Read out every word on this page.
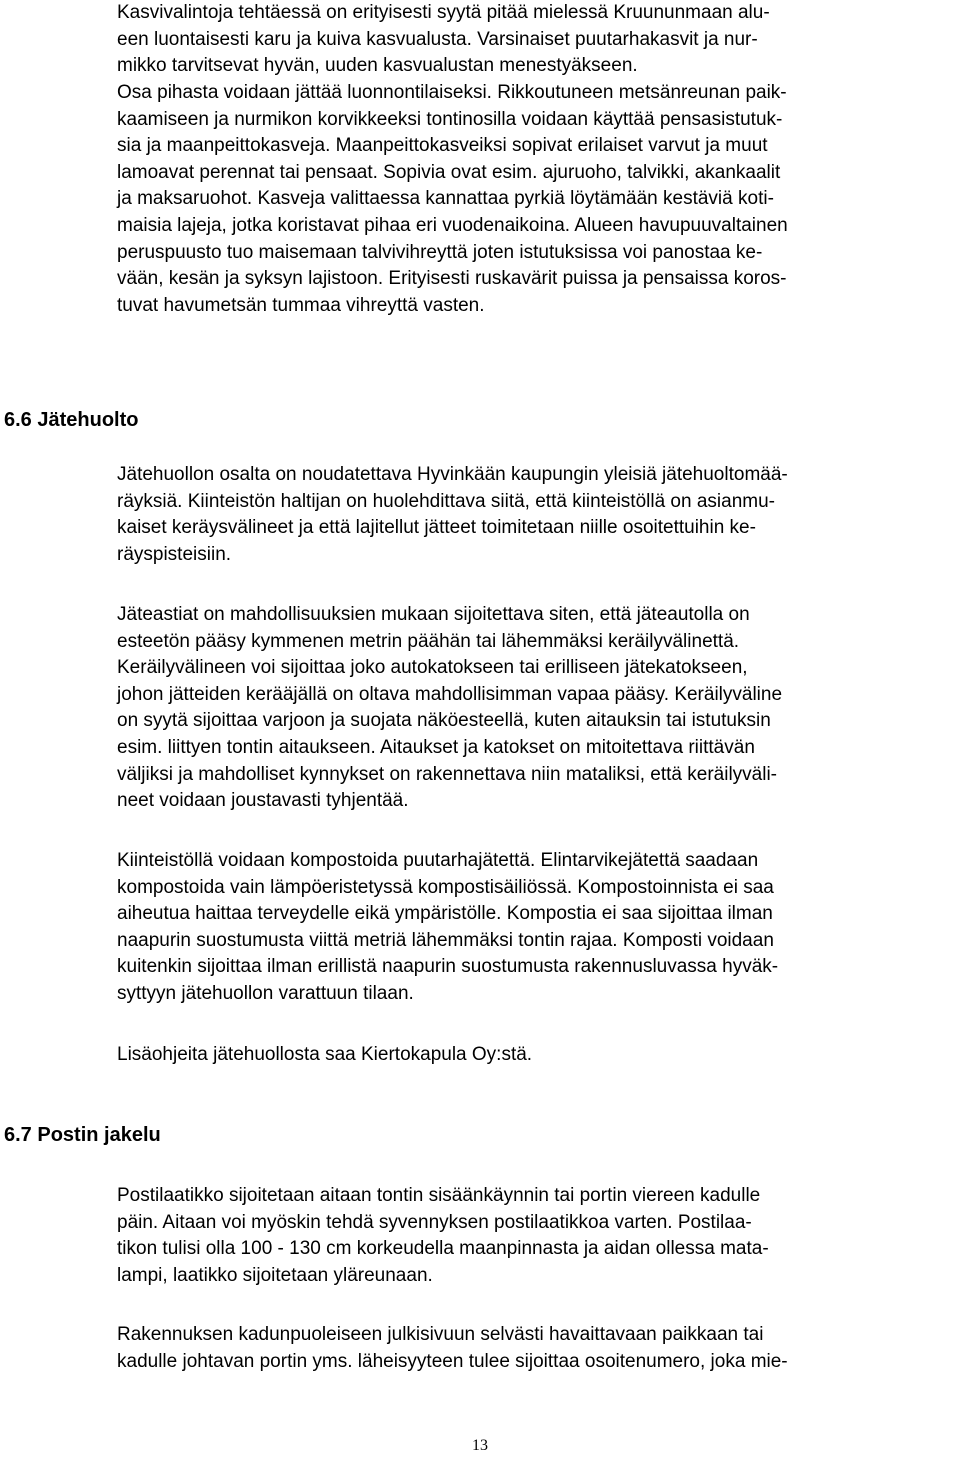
Kasvivalintoja tehtäessä on erityisesti syytä pitää mielessä Kruununmaan alu-
een luontaisesti karu ja kuiva kasvualusta. Varsinaiset puutarhakasvit ja nur-
mikko tarvitsevat hyvän, uuden kasvualustan menestyäkseen.
Osa pihasta voidaan jättää luonnontilaiseksi. Rikkoutuneen metsänreunan paik-
kaamiseen ja nurmikon korvikkeeksi tontinosilla voidaan käyttää pensasistutuk-
sia ja maanpeittokasveja. Maanpeittokasveiksi sopivat erilaiset varvut ja muut
lamoavat perennat tai pensaat. Sopivia ovat esim. ajuruoho, talvikki, akankaalit
ja maksaruohot. Kasveja valittaessa kannattaa pyrkiä löytämään kestäviä koti-
maisia lajeja, jotka koristavat pihaa eri vuodenaikoina. Alueen havupuuvaltainen
peruspuusto tuo maisemaan talvivihreyttä joten istutuksissa voi panostaa ke-
vään, kesän ja syksyn lajistoon. Erityisesti ruskavärit puissa ja pensaissa koros-
tuvat havumetsän tummaa vihreyttä vasten.
6.6 Jätehuolto
Jätehuollon osalta on noudatettava Hyvinkään kaupungin yleisiä jätehuoltomää-
räyksiä. Kiinteistön haltijan on huolehdittava siitä, että kiinteistöllä on asianmu-
kaiset keräysvälineet ja että lajitellut jätteet toimitetaan niille osoitettuihin ke-
räyspisteisiin.
Jäteastiat on mahdollisuuksien mukaan sijoitettava siten, että jäteautolla on
esteetön pääsy kymmenen metrin päähän tai lähemmäksi keräilyvälinettä.
Keräilyvälineen voi sijoittaa joko autokatokseen tai erilliseen jätekatokseen,
johon jätteiden kerääjällä on oltava mahdollisimman vapaa pääsy. Keräilyväline
on syytä sijoittaa varjoon ja suojata näköesteellä, kuten aitauksin tai istutuksin
esim. liittyen tontin aitaukseen. Aitaukset ja katokset on mitoitettava riittävän
väljiksi ja mahdolliset kynnykset on rakennettava niin mataliksi, että keräilyväli-
neet voidaan joustavasti tyhjentää.
Kiinteistöllä voidaan kompostoida puutarhajätettä. Elintarvikejätettä saadaan
kompostoida vain lämpöeristetyssä kompostisäiliössä. Kompostoinnista ei saa
aiheutua haittaa terveydelle eikä ympäristölle. Kompostia ei saa sijoittaa ilman
naapurin suostumusta viittä metriä lähemmäksi tontin rajaa. Komposti voidaan
kuitenkin sijoittaa ilman erillistä naapurin suostumusta rakennusluvassa hyväk-
syttyyn jätehuollon varattuun tilaan.
Lisäohjeita jätehuollosta saa Kiertokapula Oy:stä.
6.7 Postin jakelu
Postilaatikko sijoitetaan aitaan tontin sisäänkäynnin tai portin viereen kadulle
päin. Aitaan voi myöskin tehdä syvennyksen postilaatikkoa varten. Postilaa-
tikon tulisi olla 100 - 130 cm korkeudella maanpinnasta ja aidan ollessa mata-
lampi, laatikko sijoitetaan yläreunaan.
Rakennuksen kadunpuoleiseen julkisivuun selvästi havaittavaan paikkaan tai
kadulle johtavan portin yms. läheisyyteen tulee sijoittaa osoitenumero, joka mie-
13
